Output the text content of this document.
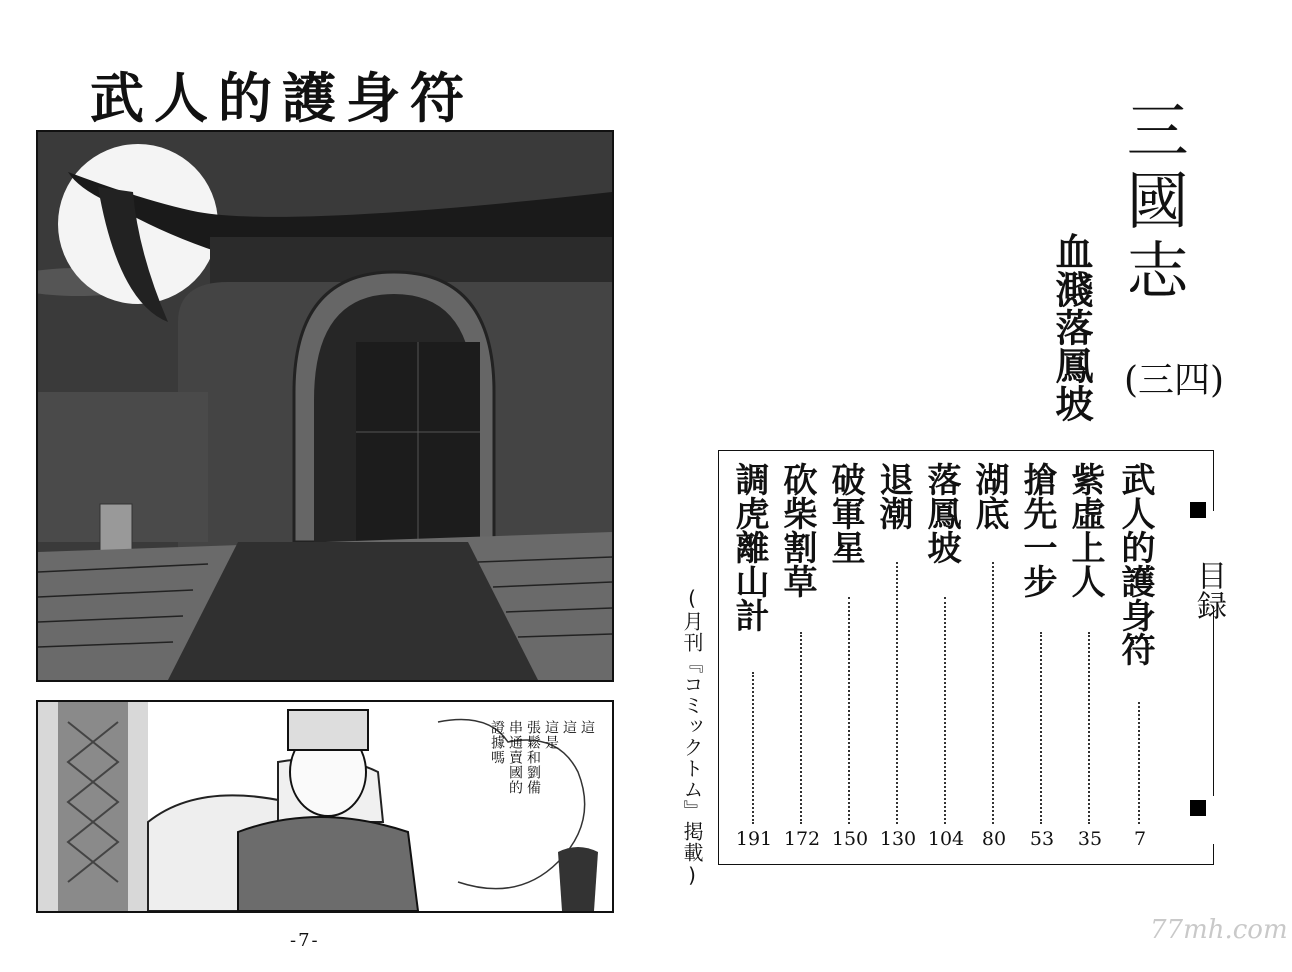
武人的護身符
這
這
這是
張鬆和劉備
串通賣國的
證據嗎
-7-
三國志
(三四)
血濺落鳳坡
目録
武人的護身符
7
紫虛上人
35
搶先一步
53
湖底
80
落鳳坡
104
退潮
130
破軍星
150
砍柴割草
172
調虎離山計
191
(月刊『コミックトム』掲載)
77mh.com
